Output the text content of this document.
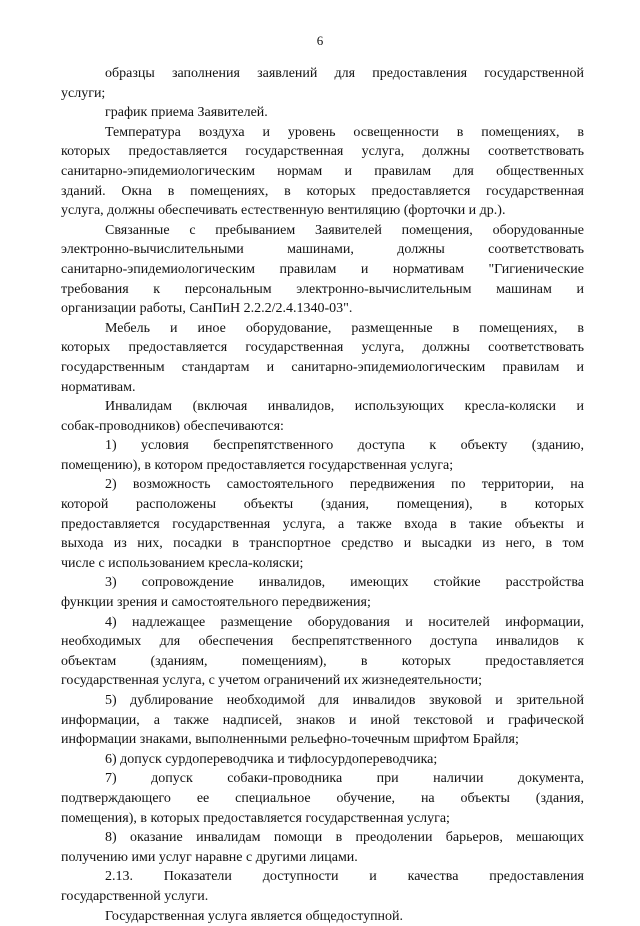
6
образцы заполнения заявлений для предоставления государственной
услуги;
график приема Заявителей.
Температура воздуха и уровень освещенности в помещениях, в
которых предоставляется государственная услуга, должны соответствовать
санитарно-эпидемиологическим нормам и правилам для общественных
зданий. Окна в помещениях, в которых предоставляется государственная
услуга, должны обеспечивать естественную вентиляцию (форточки и др.).
Связанные с пребыванием Заявителей помещения, оборудованные
электронно-вычислительными машинами, должны соответствовать
санитарно-эпидемиологическим правилам и нормативам "Гигиенические
требования к персональным электронно-вычислительным машинам и
организации работы, СанПиН 2.2.2/2.4.1340-03".
Мебель и иное оборудование, размещенные в помещениях, в
которых предоставляется государственная услуга, должны соответствовать
государственным стандартам и санитарно-эпидемиологическим правилам и
нормативам.
Инвалидам (включая инвалидов, использующих кресла-коляски и
собак-проводников) обеспечиваются:
1) условия беспрепятственного доступа к объекту (зданию,
помещению), в котором предоставляется государственная услуга;
2) возможность самостоятельного передвижения по территории, на
которой расположены объекты (здания, помещения), в которых
предоставляется государственная услуга, а также входа в такие объекты и
выхода из них, посадки в транспортное средство и высадки из него, в том
числе с использованием кресла-коляски;
3) сопровождение инвалидов, имеющих стойкие расстройства
функции зрения и самостоятельного передвижения;
4) надлежащее размещение оборудования и носителей информации,
необходимых для обеспечения беспрепятственного доступа инвалидов к
объектам (зданиям, помещениям), в которых предоставляется
государственная услуга, с учетом ограничений их жизнедеятельности;
5) дублирование необходимой для инвалидов звуковой и зрительной
информации, а также надписей, знаков и иной текстовой и графической
информации знаками, выполненными рельефно-точечным шрифтом Брайля;
6) допуск сурдопереводчика и тифлосурдопереводчика;
7) допуск собаки-проводника при наличии документа,
подтверждающего ее специальное обучение, на объекты (здания,
помещения), в которых предоставляется государственная услуга;
8) оказание инвалидам помощи в преодолении барьеров, мешающих
получению ими услуг наравне с другими лицами.
2.13. Показатели доступности и качества предоставления
государственной услуги.
Государственная услуга является общедоступной.
